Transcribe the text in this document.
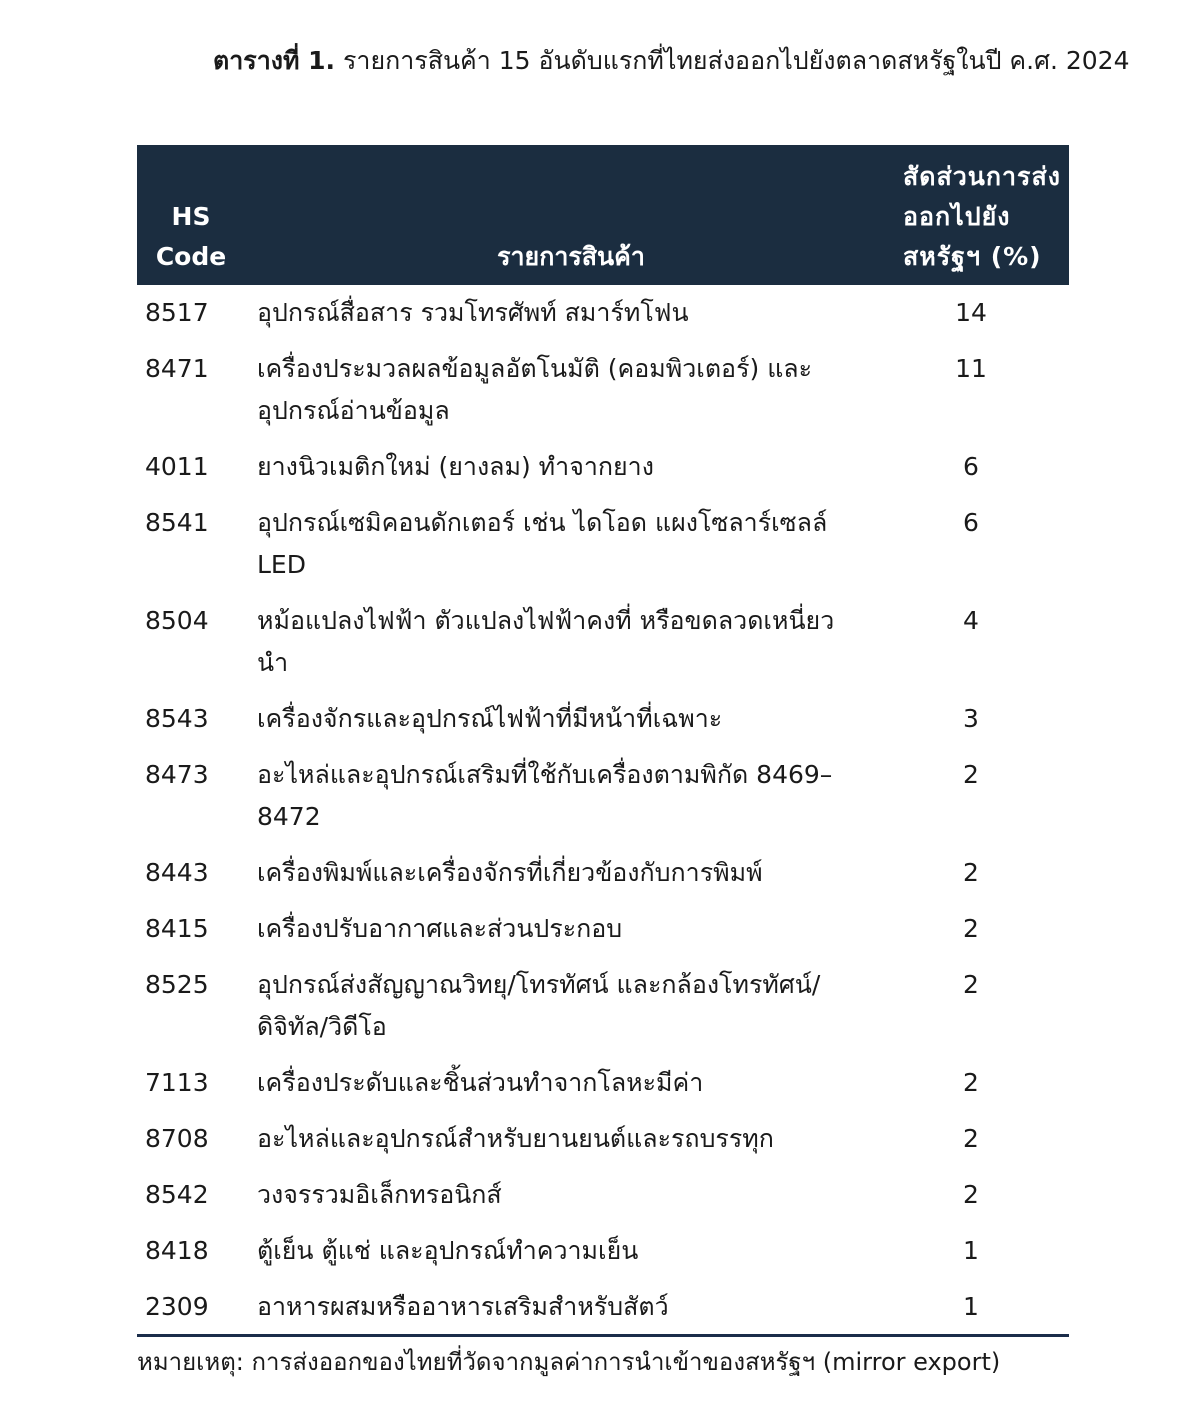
ตารางที่ 1. รายการสินค้า 15 อันดับแรกที่ไทยส่งออกไปยังตลาดสหรัฐในปี ค.ศ. 2024
HS Code	รายการสินค้า	สัดส่วนการส่งออกไปยังสหรัฐฯ (%)
8517	อุปกรณ์สื่อสาร รวมโทรศัพท์ สมาร์ทโฟน	14
8471	เครื่องประมวลผลข้อมูลอัตโนมัติ (คอมพิวเตอร์) และอุปกรณ์อ่านข้อมูล	11
4011	ยางนิวเมติกใหม่ (ยางลม) ทำจากยาง	6
8541	อุปกรณ์เซมิคอนดักเตอร์ เช่น ไดโอด แผงโซลาร์เซลล์ LED	6
8504	หม้อแปลงไฟฟ้า ตัวแปลงไฟฟ้าคงที่ หรือขดลวดเหนี่ยวนำ	4
8543	เครื่องจักรและอุปกรณ์ไฟฟ้าที่มีหน้าที่เฉพาะ	3
8473	อะไหล่และอุปกรณ์เสริมที่ใช้กับเครื่องตามพิกัด 8469–8472	2
8443	เครื่องพิมพ์และเครื่องจักรที่เกี่ยวข้องกับการพิมพ์	2
8415	เครื่องปรับอากาศและส่วนประกอบ	2
8525	อุปกรณ์ส่งสัญญาณวิทยุ/โทรทัศน์ และกล้องโทรทัศน์/ดิจิทัล/วิดีโอ	2
7113	เครื่องประดับและชิ้นส่วนทำจากโลหะมีค่า	2
8708	อะไหล่และอุปกรณ์สำหรับยานยนต์และรถบรรทุก	2
8542	วงจรรวมอิเล็กทรอนิกส์	2
8418	ตู้เย็น ตู้แช่ และอุปกรณ์ทำความเย็น	1
2309	อาหารผสมหรืออาหารเสริมสำหรับสัตว์	1
หมายเหตุ: การส่งออกของไทยที่วัดจากมูลค่าการนำเข้าของสหรัฐฯ (mirror export)
